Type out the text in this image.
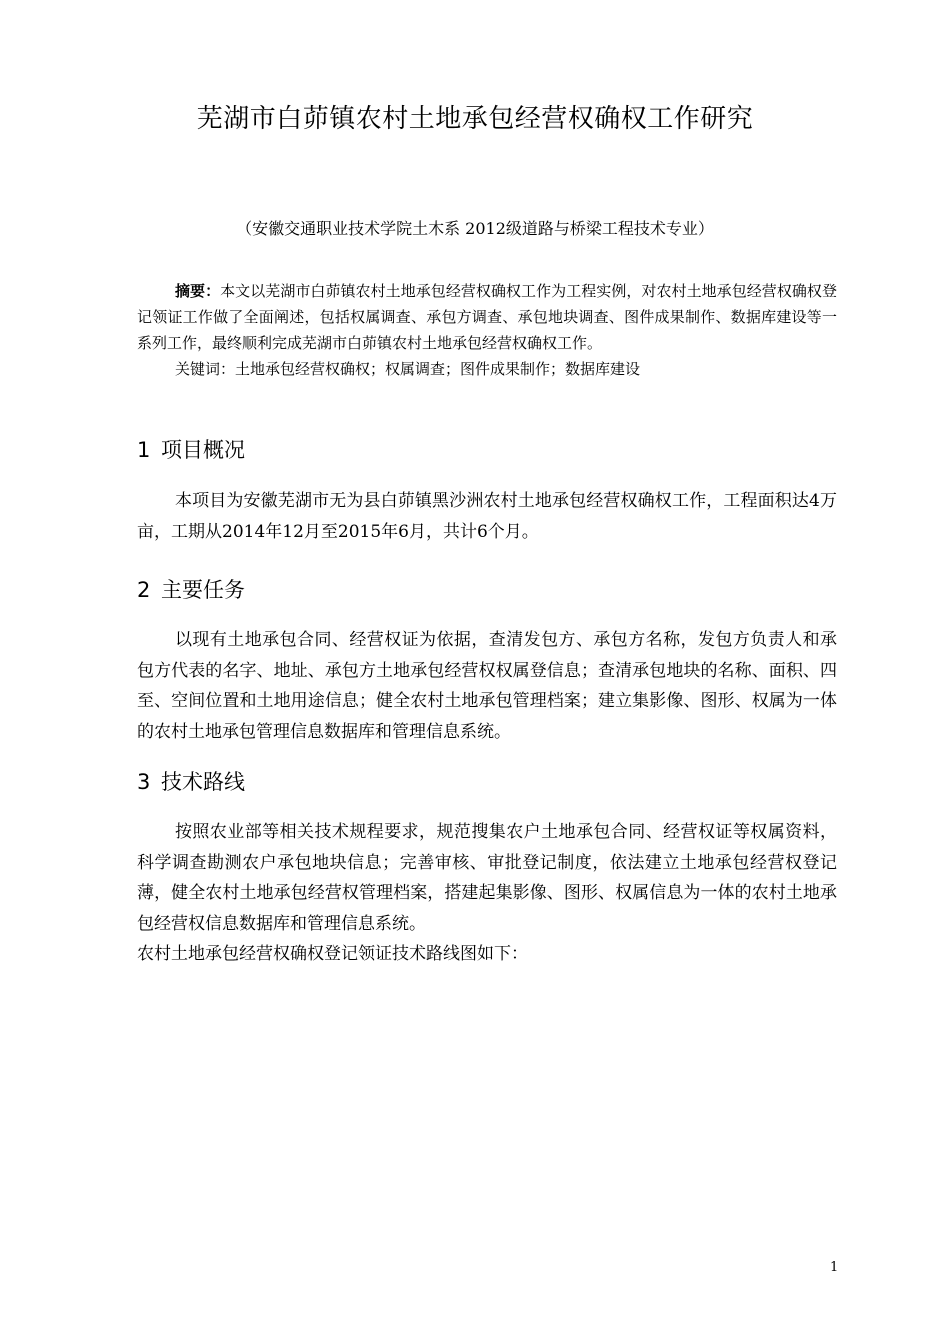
芜湖市白茆镇农村土地承包经营权确权工作研究
（安徽交通职业技术学院土木系 2012级道路与桥梁工程技术专业）
摘要：本文以芜湖市白茆镇农村土地承包经营权确权工作为工程实例，对农村土地承包经营权确权登记领证工作做了全面阐述，包括权属调查、承包方调查、承包地块调查、图件成果制作、数据库建设等一系列工作，最终顺利完成芜湖市白茆镇农村土地承包经营权确权工作。
关键词：土地承包经营权确权；权属调查；图件成果制作；数据库建设
1 项目概况

本项目为安徽芜湖市无为县白茆镇黑沙洲农村土地承包经营权确权工作，工程面积达4万亩，工期从2014年12月至2015年6月，共计6个月。

2 主要任务

以现有土地承包合同、经营权证为依据，查清发包方、承包方名称，发包方负责人和承包方代表的名字、地址、承包方土地承包经营权权属登信息；查清承包地块的名称、面积、四至、空间位置和土地用途信息；健全农村土地承包管理档案；建立集影像、图形、权属为一体的农村土地承包管理信息数据库和管理信息系统。

3 技术路线

按照农业部等相关技术规程要求，规范搜集农户土地承包合同、经营权证等权属资料，科学调查勘测农户承包地块信息；完善审核、审批登记制度，依法建立土地承包经营权登记薄，健全农村土地承包经营权管理档案，搭建起集影像、图形、权属信息为一体的农村土地承包经营权信息数据库和管理信息系统。

农村土地承包经营权确权登记领证技术路线图如下：

1
